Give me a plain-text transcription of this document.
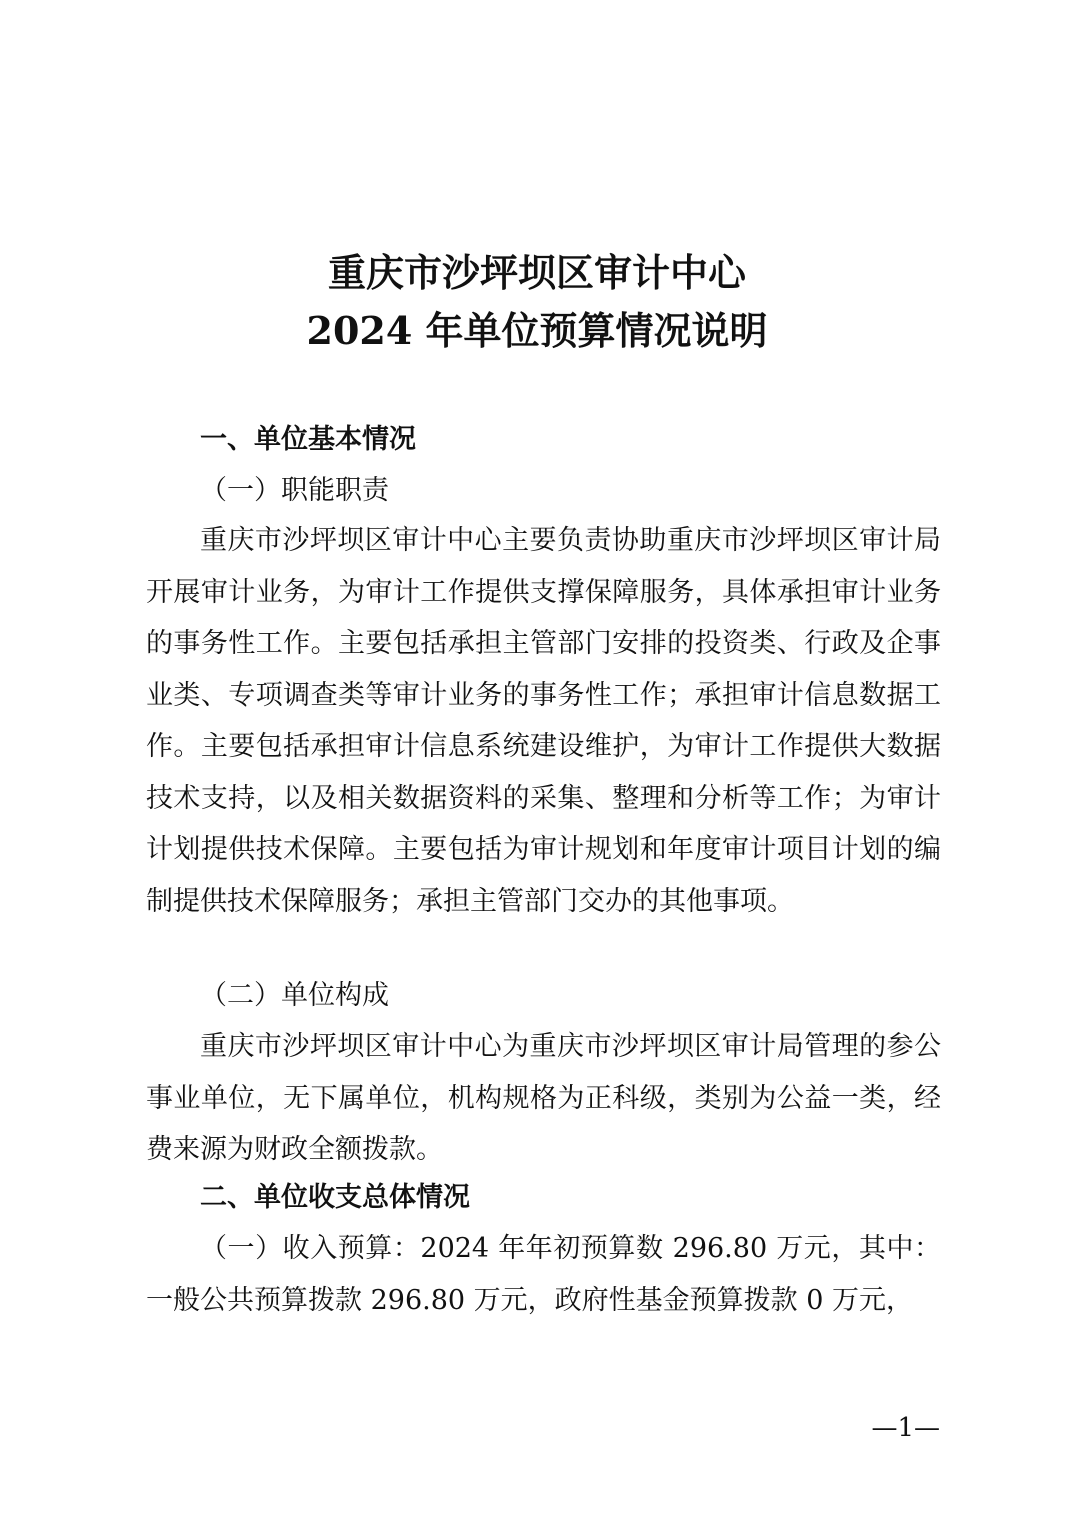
重庆市沙坪坝区审计中心
2024 年单位预算情况说明
一、单位基本情况
（一）职能职责
重庆市沙坪坝区审计中心主要负责协助重庆市沙坪坝区审计局开展审计业务，为审计工作提供支撑保障服务，具体承担审计业务的事务性工作。主要包括承担主管部门安排的投资类、行政及企事业类、专项调查类等审计业务的事务性工作；承担审计信息数据工作。主要包括承担审计信息系统建设维护，为审计工作提供大数据技术支持，以及相关数据资料的采集、整理和分析等工作；为审计计划提供技术保障。主要包括为审计规划和年度审计项目计划的编制提供技术保障服务；承担主管部门交办的其他事项。
（二）单位构成
重庆市沙坪坝区审计中心为重庆市沙坪坝区审计局管理的参公事业单位，无下属单位，机构规格为正科级，类别为公益一类，经费来源为财政全额拨款。
二、单位收支总体情况
（一）收入预算：2024 年年初预算数 296.80 万元，其中：一般公共预算拨款 296.80 万元，政府性基金预算拨款 0 万元，
—1—
